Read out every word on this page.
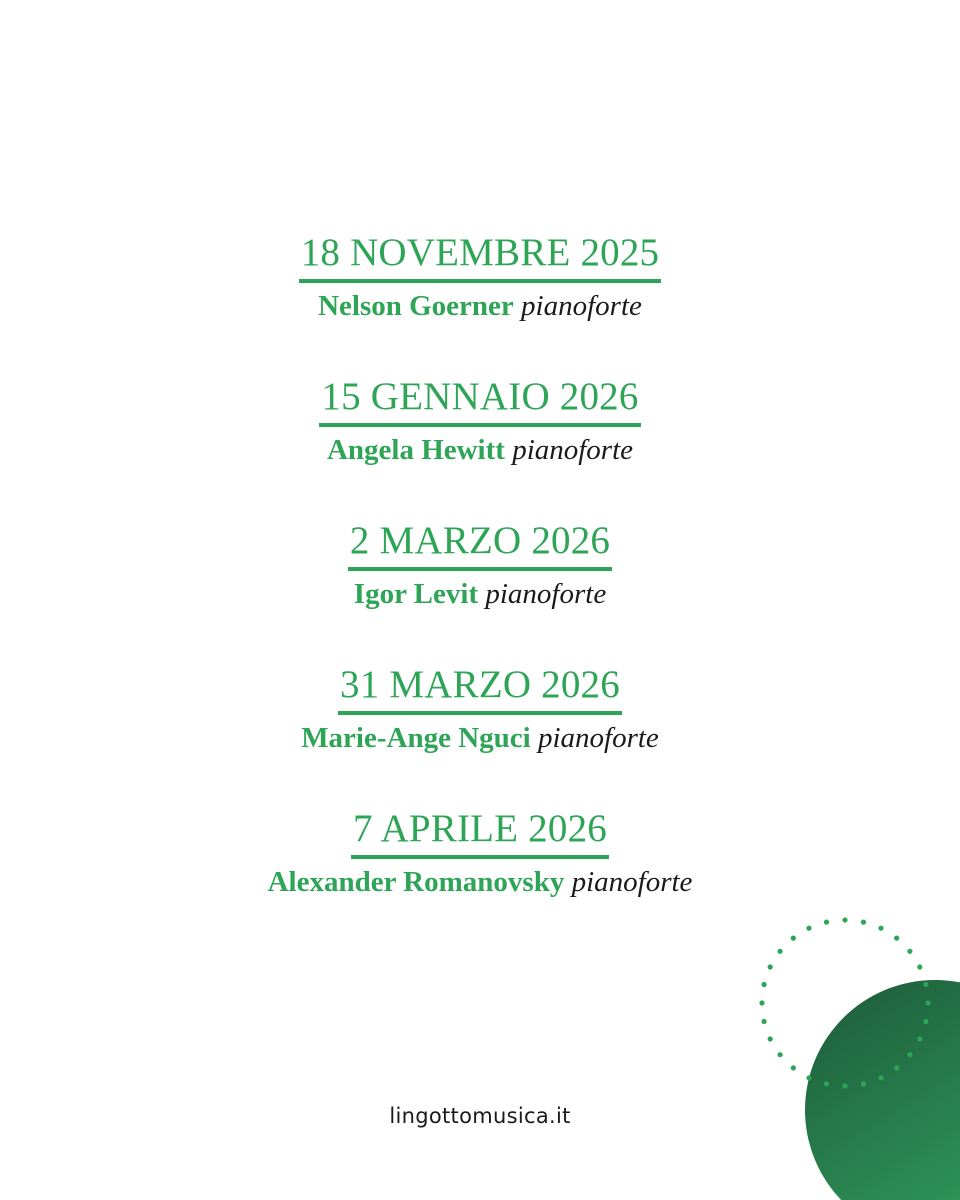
18 NOVEMBRE 2025
Nelson Goerner pianoforte
15 GENNAIO 2026
Angela Hewitt pianoforte
2 MARZO 2026
Igor Levit pianoforte
31 MARZO 2026
Marie-Ange Nguci pianoforte
7 APRILE 2026
Alexander Romanovsky pianoforte
lingottomusica.it
